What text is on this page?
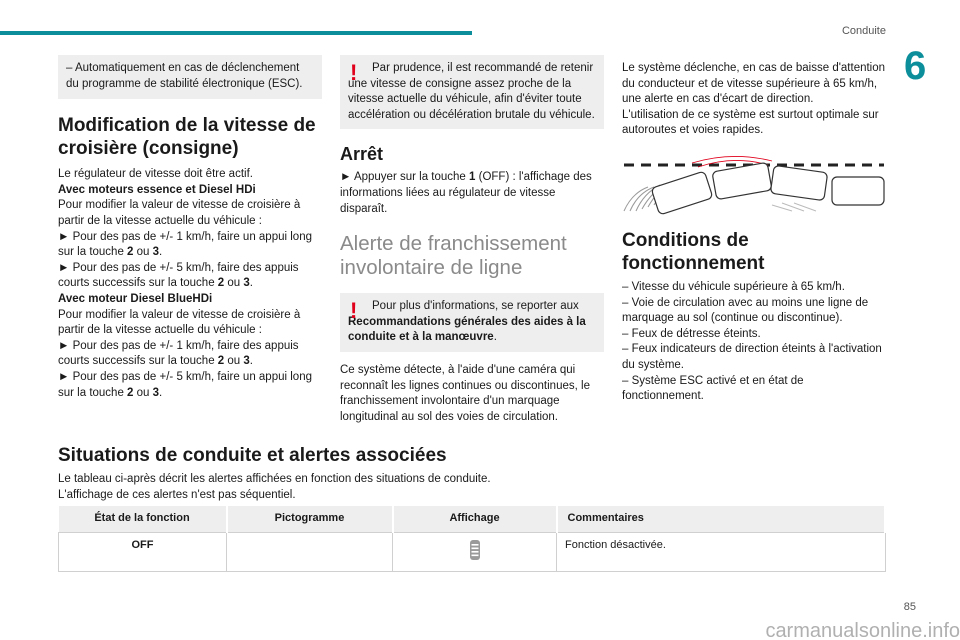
Conduite
6
– Automatiquement en cas de déclenchement du programme de stabilité électronique (ESC).
Modification de la vitesse de croisière (consigne)

Le régulateur de vitesse doit être actif.

Avec moteurs essence et Diesel HDi

Pour modifier la valeur de vitesse de croisière à partir de la vitesse actuelle du véhicule :

► Pour des pas de +/- 1 km/h, faire un appui long sur la touche 2 ou 3.

► Pour des pas de +/- 5 km/h, faire des appuis courts successifs sur la touche 2 ou 3.

Avec moteur Diesel BlueHDi

Pour modifier la valeur de vitesse de croisière à partir de la vitesse actuelle du véhicule :

► Pour des pas de +/- 1 km/h, faire des appuis courts successifs sur la touche 2 ou 3.

► Pour des pas de +/- 5 km/h, faire un appui long sur la touche 2 ou 3.

!	Par prudence, il est recommandé de retenir une vitesse de consigne assez proche de la vitesse actuelle du véhicule, afin d'éviter toute accélération ou décélération brutale du véhicule.
Arrêt

► Appuyer sur la touche 1 (OFF) : l'affichage des informations liées au régulateur de vitesse disparaît.

Alerte de franchissement involontaire de ligne
!	Pour plus d'informations, se reporter aux Recommandations générales des aides à la conduite et à la manœuvre.

Ce système détecte, à l'aide d'une caméra qui reconnaît les lignes continues ou discontinues, le franchissement involontaire d'un marquage longitudinal au sol des voies de circulation.

Le système déclenche, en cas de baisse d'attention du conducteur et de vitesse supérieure à 65 km/h, une alerte en cas d'écart de direction.

L'utilisation de ce système est surtout optimale sur autoroutes et voies rapides.

Conditions de fonctionnement

– Vitesse du véhicule supérieure à 65 km/h.

– Voie de circulation avec au moins une ligne de marquage au sol (continue ou discontinue).

– Feux de détresse éteints.

– Feux indicateurs de direction éteints à l'activation du système.

– Système ESC activé et en état de fonctionnement.

Situations de conduite et alertes associées

Le tableau ci-après décrit les alertes affichées en fonction des situations de conduite.

L'affichage de ces alertes n'est pas séquentiel.

État de la fonction	Pictogramme	Affichage	Commentaires
OFF			Fonction désactivée.
85
carmanualsonline.info
